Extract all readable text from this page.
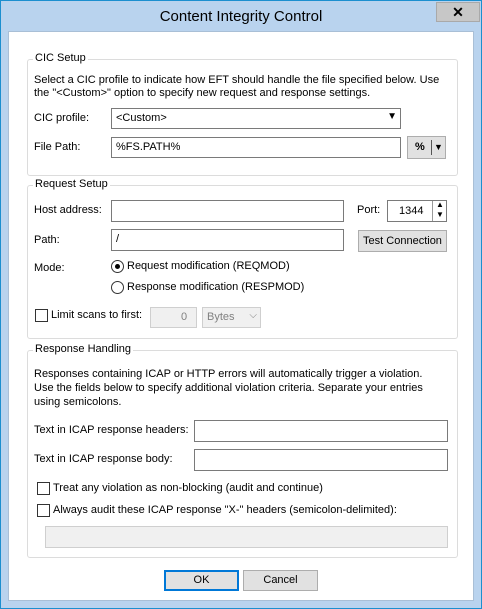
Content Integrity Control	✕
CIC Setup
Select a CIC profile to indicate how EFT should handle the file specified below. Use
the "<Custom>" option to specify new request and response settings.
CIC profile: <Custom>	▼
File Path:	%FS.PATH%	% ▼
Request Setup
Host address:	Port: 1344
▲
▼
Path:	/	Test Connection
Mode:	Request modification (REQMOD)
Response modification (RESPMOD)
Limit scans to first:	0 Bytes ⌵
Response Handling
Responses containing ICAP or HTTP errors will automatically trigger a violation.
Use the fields below to specify additional violation criteria. Separate your entries
using semicolons.
Text in ICAP response headers:
Text in ICAP response body:
Treat any violation as non-blocking (audit and continue)
Always audit these ICAP response "X-" headers (semicolon-delimited):
OK	Cancel
